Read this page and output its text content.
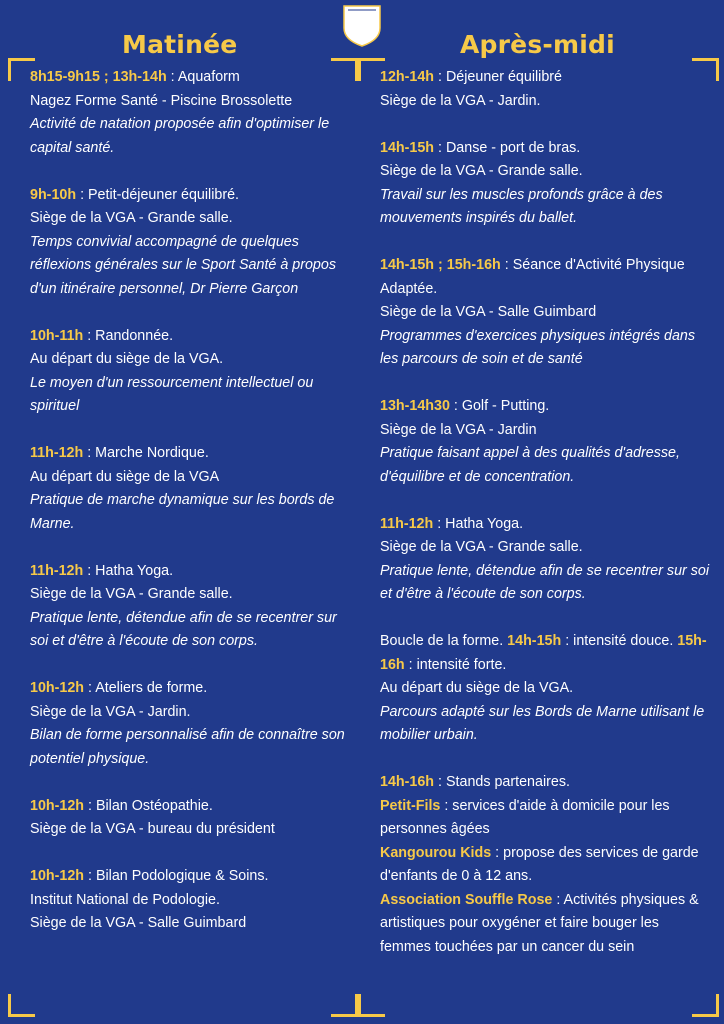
Matinée	Après-midi

8h15-9h15 ; 13h-14h : Aquaform

Nagez Forme Santé - Piscine Brossolette

Activité de natation proposée afin d'optimiser le capital santé.

9h-10h : Petit-déjeuner équilibré.

Siège de la VGA - Grande salle.

Temps convivial accompagné de quelques réflexions générales sur le Sport Santé à propos d'un itinéraire personnel, Dr Pierre Garçon

10h-11h : Randonnée.

Au départ du siège de la VGA.

Le moyen d'un ressourcement intellectuel ou spirituel

11h-12h : Marche Nordique.

Au départ du siège de la VGA

Pratique de marche dynamique sur les bords de Marne.

11h-12h : Hatha Yoga.

Siège de la VGA - Grande salle.

Pratique lente, détendue afin de se recentrer sur soi et d'être à l'écoute de son corps.

10h-12h : Ateliers de forme.

Siège de la VGA - Jardin.

Bilan de forme personnalisé afin de connaître son potentiel physique.

10h-12h : Bilan Ostéopathie.

Siège de la VGA - bureau du président

10h-12h : Bilan Podologique & Soins.

Institut National de Podologie.

Siège de la VGA - Salle Guimbard

12h-14h : Déjeuner équilibré

Siège de la VGA - Jardin.

14h-15h : Danse - port de bras.

Siège de la VGA - Grande salle.

Travail sur les muscles profonds grâce à des mouvements inspirés du ballet.

14h-15h ; 15h-16h : Séance d'Activité Physique Adaptée.

Siège de la VGA - Salle Guimbard

Programmes d'exercices physiques intégrés dans les parcours de soin et de santé

13h-14h30 : Golf - Putting.

Siège de la VGA - Jardin

Pratique faisant appel à des qualités d'adresse, d'équilibre et de concentration.

11h-12h : Hatha Yoga.

Siège de la VGA - Grande salle.

Pratique lente, détendue afin de se recentrer sur soi et d'être à l'écoute de son corps.

Boucle de la forme. 14h-15h : intensité douce. 15h-16h : intensité forte.

Au départ du siège de la VGA.

Parcours adapté sur les Bords de Marne utilisant le mobilier urbain.

14h-16h : Stands partenaires.

Petit-Fils : services d'aide à domicile pour les personnes âgées

Kangourou Kids : propose des services de garde d'enfants de 0 à 12 ans.

Association Souffle Rose : Activités physiques & artistiques pour oxygéner et faire bouger les femmes touchées par un cancer du sein
